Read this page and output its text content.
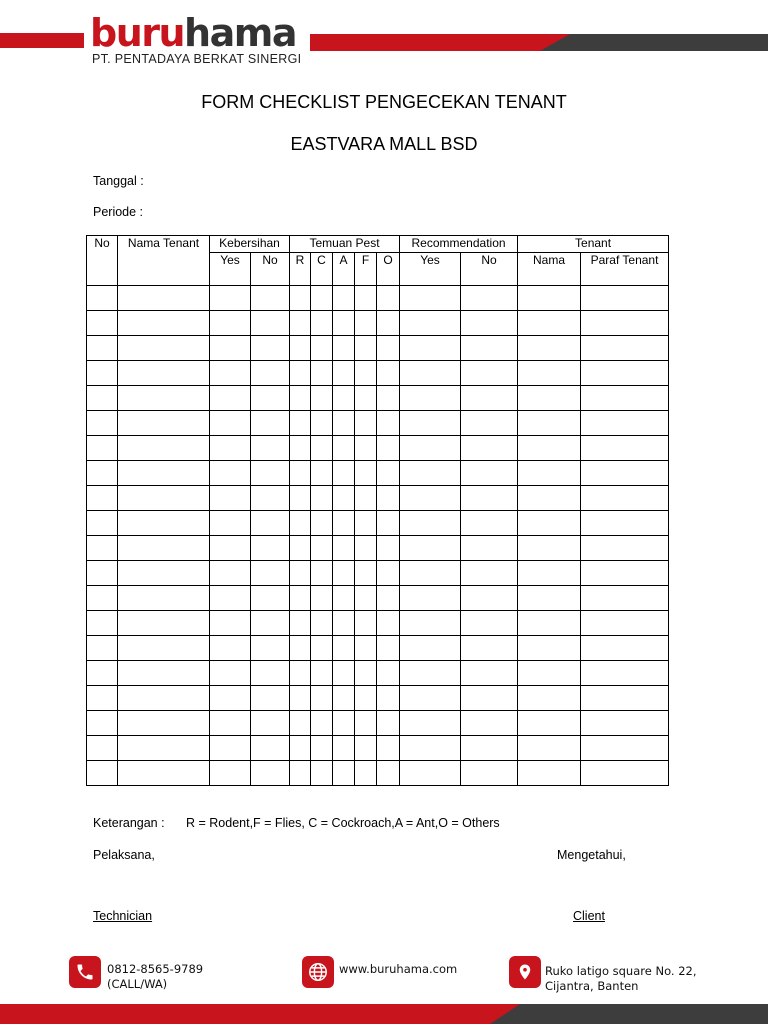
buruhama
PT. PENTADAYA BERKAT SINERGI
FORM CHECKLIST PENGECEKAN TENANT
EASTVARA MALL BSD
Tanggal :
Periode :
No	Nama Tenant	Kebersihan		Temuan Pest					Recommendation		Tenant	
		Yes	No	R	C	A	F	O	Yes	No	Nama	Paraf Tenant

Keterangan : R = Rodent,F = Flies, C = Cockroach,A = Ant,O = Others
Pelaksana,	Mengetahui,
Technician	Client
0812-8565-9789
(CALL/WA)
www.buruhama.com	Ruko latigo square No. 22,
Cijantra, Banten
